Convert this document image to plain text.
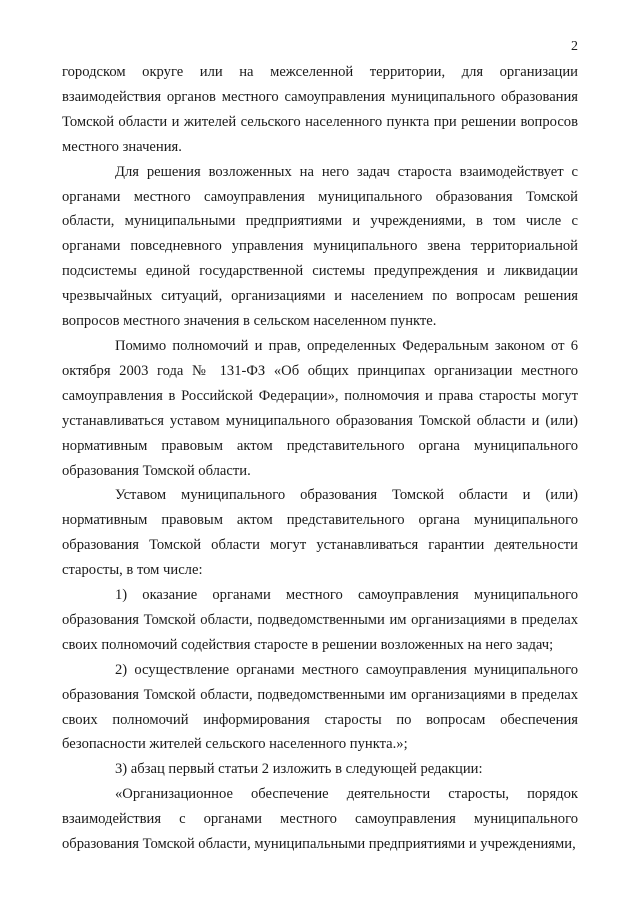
2

городском округе или на межселенной территории, для организации взаимодействия органов местного самоуправления муниципального образования Томской области и жителей сельского населенного пункта при решении вопросов местного значения.

Для решения возложенных на него задач староста взаимодействует с органами местного самоуправления муниципального образования Томской области, муниципальными предприятиями и учреждениями, в том числе с органами повседневного управления муниципального звена территориальной подсистемы единой государственной системы предупреждения и ликвидации чрезвычайных ситуаций, организациями и населением по вопросам решения вопросов местного значения в сельском населенном пункте.

Помимо полномочий и прав, определенных Федеральным законом от 6 октября 2003 года № 131-ФЗ «Об общих принципах организации местного самоуправления в Российской Федерации», полномочия и права старосты могут устанавливаться уставом муниципального образования Томской области и (или) нормативным правовым актом представительного органа муниципального образования Томской области.

Уставом муниципального образования Томской области и (или) нормативным правовым актом представительного органа муниципального образования Томской области могут устанавливаться гарантии деятельности старосты, в том числе:

1) оказание органами местного самоуправления муниципального образования Томской области, подведомственными им организациями в пределах своих полномочий содействия старосте в решении возложенных на него задач;

2) осуществление органами местного самоуправления муниципального образования Томской области, подведомственными им организациями в пределах своих полномочий информирования старосты по вопросам обеспечения безопасности жителей сельского населенного пункта.»;

3) абзац первый статьи 2 изложить в следующей редакции:

«Организационное обеспечение деятельности старосты, порядок взаимодействия с органами местного самоуправления муниципального образования Томской области, муниципальными предприятиями и учреждениями,
